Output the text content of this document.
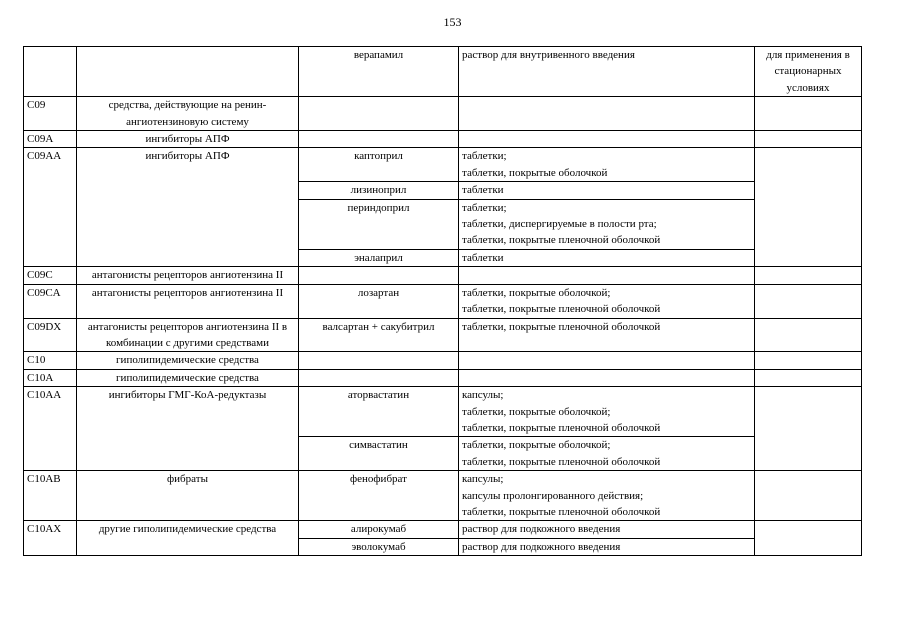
153
		верапамил	раствор для внутривенного введения	для применения в стационарных условиях
C09	средства, действующие на ренин-ангиотензиновую систему			
C09A	ингибиторы АПФ			
C09AA	ингибиторы АПФ	каптоприл	таблетки;
таблетки, покрытые оболочкой	

		лизиноприл	таблетки	

		периндоприл	таблетки;
таблетки, диспергируемые в полости рта;
таблетки, покрытые пленочной оболочкой	

		эналаприл	таблетки	

C09C	антагонисты рецепторов ангиотензина II			
C09CA	антагонисты рецепторов ангиотензина II	лозартан	таблетки, покрытые оболочкой;
таблетки, покрытые пленочной оболочкой	

C09DX	антагонисты рецепторов ангиотензина II в комбинации с другими средствами	валсартан + сакубитрил	таблетки, покрытые пленочной оболочкой	

C10	гиполипидемические средства			
C10A	гиполипидемические средства			
C10AA	ингибиторы ГМГ-КоА-редуктазы	аторвастатин	капсулы;
таблетки, покрытые оболочкой;
таблетки, покрытые пленочной оболочкой	

		симвастатин	таблетки, покрытые оболочкой;
таблетки, покрытые пленочной оболочкой	

C10AB	фибраты	фенофибрат	капсулы;
капсулы пролонгированного действия;
таблетки, покрытые пленочной оболочкой	

C10AX	другие гиполипидемические средства	алирокумаб	раствор для подкожного введения	

		эволокумаб	раствор для подкожного введения	
